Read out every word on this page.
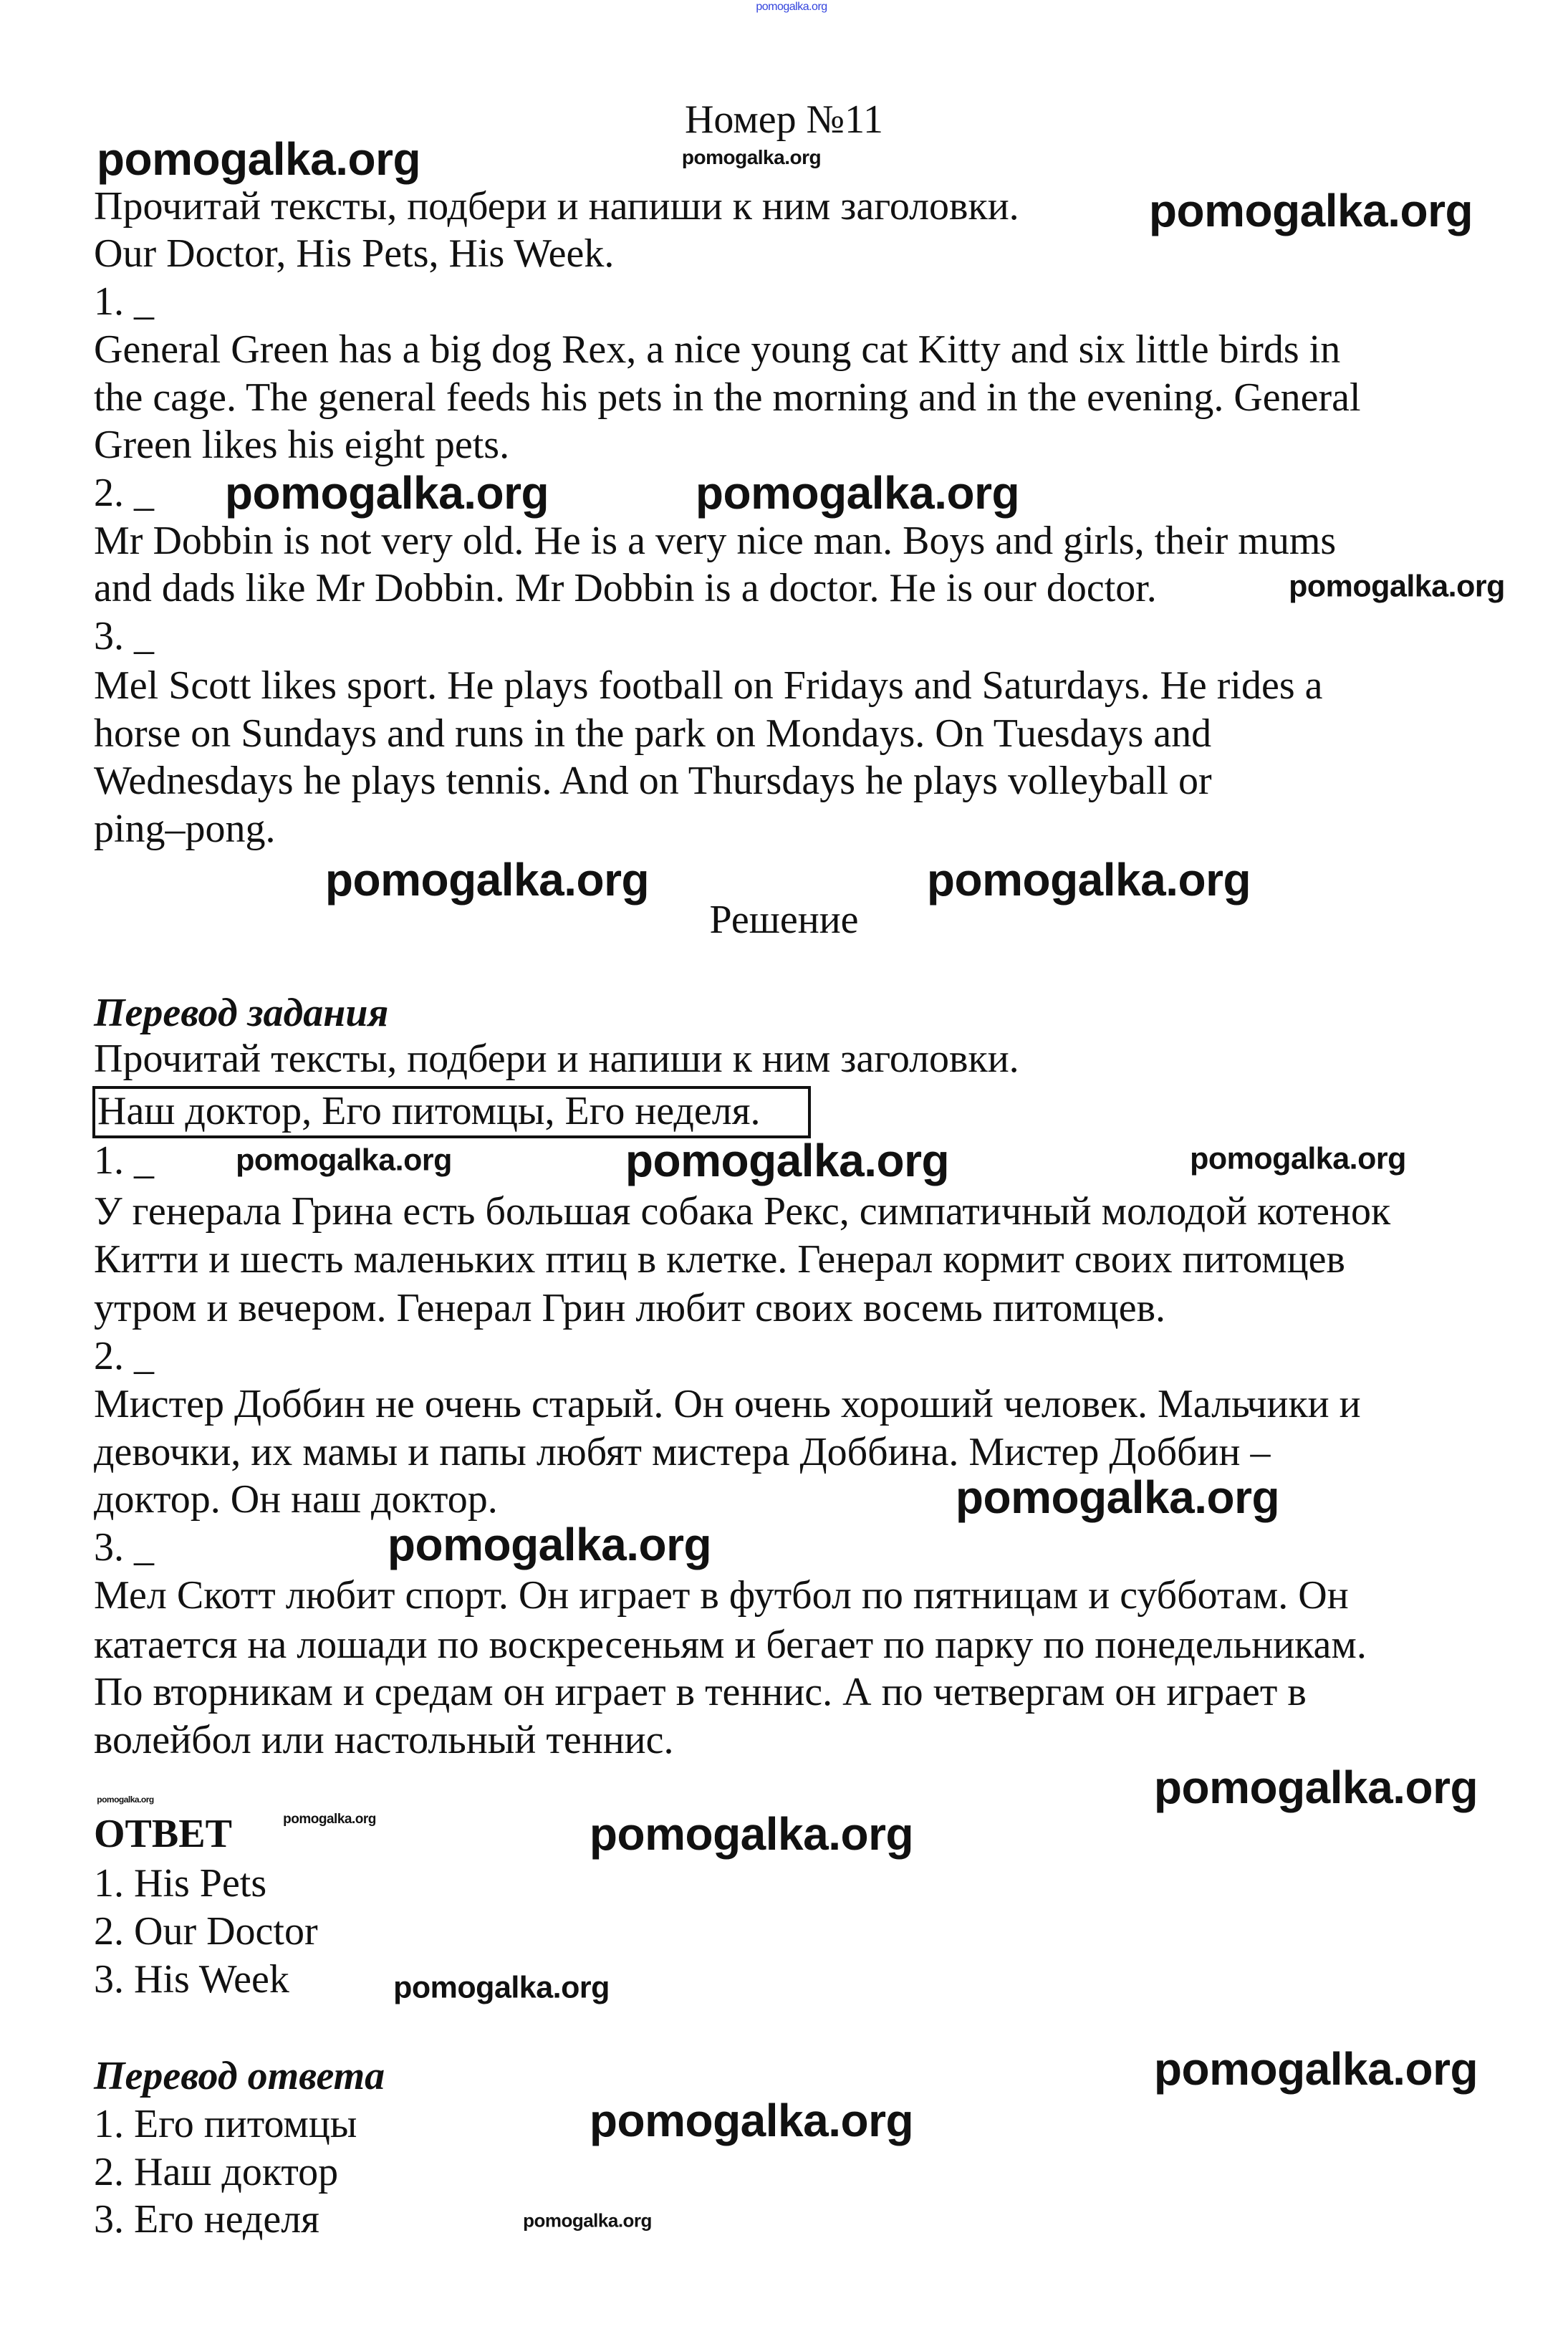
pomogalka.org
Номер №11
Прочитай тексты, подбери и напиши к ним заголовки.
Our Doctor, His Pets, His Week.
1. _
General Green has a big dog Rex, a nice young cat Kitty and six little birds in
the cage. The general feeds his pets in the morning and in the evening. General
Green likes his eight pets.
2. _
Mr Dobbin is not very old. He is a very nice man. Boys and girls, their mums
and dads like Mr Dobbin. Mr Dobbin is a doctor. He is our doctor.
3. _
Mel Scott likes sport. He plays football on Fridays and Saturdays. He rides a
horse on Sundays and runs in the park on Mondays. On Tuesdays and
Wednesdays he plays tennis. And on Thursdays he plays volleyball or
ping–pong.
Решение
Перевод задания
Прочитай тексты, подбери и напиши к ним заголовки.
Наш доктор, Его питомцы, Его неделя.
1. _
У генерала Грина есть большая собака Рекс, симпатичный молодой котенок
Китти и шесть маленьких птиц в клетке. Генерал кормит своих питомцев
утром и вечером. Генерал Грин любит своих восемь питомцев.
2. _
Мистер Доббин не очень старый. Он очень хороший человек. Мальчики и
девочки, их мамы и папы любят мистера Доббина. Мистер Доббин –
доктор. Он наш доктор.
3. _
Мел Скотт любит спорт. Он играет в футбол по пятницам и субботам. Он
катается на лошади по воскресеньям и бегает по парку по понедельникам.
По вторникам и средам он играет в теннис. А по четвергам он играет в
волейбол или настольный теннис.
ОТВЕТ
1. His Pets
2. Our Doctor
3. His Week
Перевод ответа
1. Его питомцы
2. Наш доктор
3. Его неделя
pomogalka.org	pomogalka.org
pomogalka.org
pomogalka.org	pomogalka.org
pomogalka.org
pomogalka.org	pomogalka.org
pomogalka.org	pomogalka.org	pomogalka.org
pomogalka.org
pomogalka.org
pomogalka.org
pomogalka.org
pomogalka.org
pomogalka.org
pomogalka.org
pomogalka.org
pomogalka.org
pomogalka.org
